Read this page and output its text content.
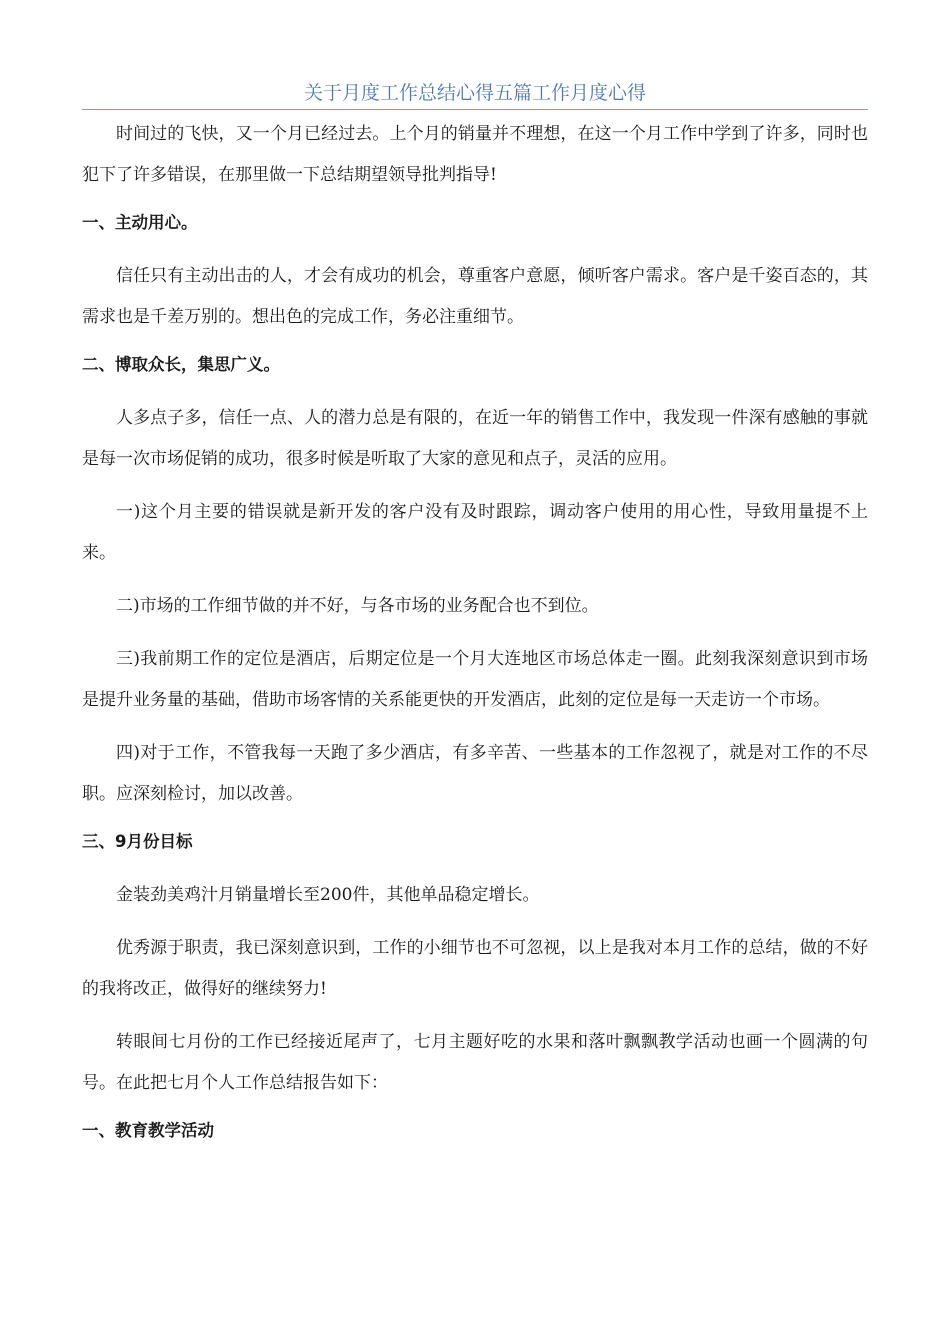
关于月度工作总结心得五篇工作月度心得

时间过的飞快，又一个月已经过去。上个月的销量并不理想，在这一个月工作中学到了许多，同时也犯下了许多错误，在那里做一下总结期望领导批判指导!

一、主动用心。

信任只有主动出击的人，才会有成功的机会，尊重客户意愿，倾听客户需求。客户是千姿百态的，其需求也是千差万别的。想出色的完成工作，务必注重细节。

二、博取众长，集思广义。

人多点子多，信任一点、人的潜力总是有限的，在近一年的销售工作中，我发现一件深有感触的事就是每一次市场促销的成功，很多时候是听取了大家的意见和点子，灵活的应用。

一)这个月主要的错误就是新开发的客户没有及时跟踪，调动客户使用的用心性，导致用量提不上来。

二)市场的工作细节做的并不好，与各市场的业务配合也不到位。

三)我前期工作的定位是酒店，后期定位是一个月大连地区市场总体走一圈。此刻我深刻意识到市场是提升业务量的基础，借助市场客情的关系能更快的开发酒店，此刻的定位是每一天走访一个市场。

四)对于工作，不管我每一天跑了多少酒店，有多辛苦、一些基本的工作忽视了，就是对工作的不尽职。应深刻检讨，加以改善。

三、9月份目标

金装劲美鸡汁月销量增长至200件，其他单品稳定增长。

优秀源于职责，我已深刻意识到，工作的小细节也不可忽视，以上是我对本月工作的总结，做的不好的我将改正，做得好的继续努力!

转眼间七月份的工作已经接近尾声了，七月主题好吃的水果和落叶飘飘教学活动也画一个圆满的句号。在此把七月个人工作总结报告如下：

一、教育教学活动
